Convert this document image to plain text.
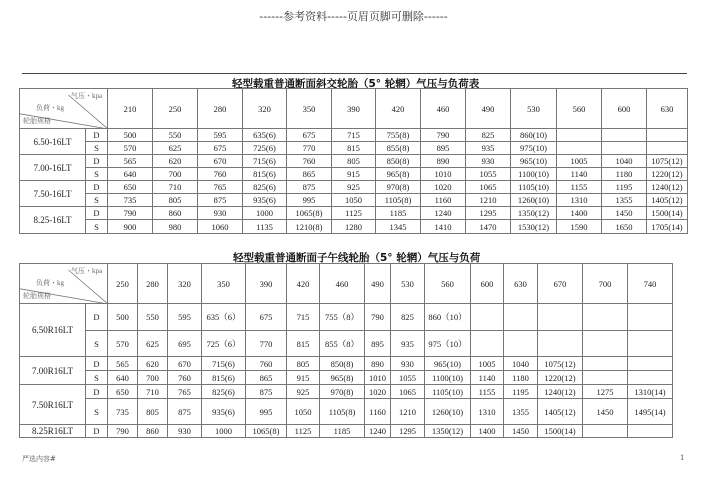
------参考资料-----页眉页脚可删除------
轻型载重普通断面斜交轮胎（5° 轮辋）气压与负荷表
气压・kpa
负荷・kg
轮胎规格		210	250	280	320	350	390	420	460	490	530	560	600	630
6.50-16LT	D	500	550	595	635(6)	675	715	755(8)	790	825	860(10)			
	S	570	625	675	725(6)	770	815	855(8)	895	935	975(10)			
7.00-16LT	D	565	620	670	715(6)	760	805	850(8)	890	930	965(10)	1005	1040	1075(12)
	S	640	700	760	815(6)	865	915	965(8)	1010	1055	1100(10)	1140	1180	1220(12)
7.50-16LT	D	650	710	765	825(6)	875	925	970(8)	1020	1065	1105(10)	1155	1195	1240(12)
	S	735	805	875	935(6)	995	1050	1105(8)	1160	1210	1260(10)	1310	1355	1405(12)
8.25-16LT	D	790	860	930	1000	1065(8)	1125	1185	1240	1295	1350(12)	1400	1450	1500(14)
	S	900	980	1060	1135	1210(8)	1280	1345	1410	1470	1530(12)	1590	1650	1705(14)
轻型载重普通断面子午线轮胎（5° 轮辋）气压与负荷
气压・kpa
负荷・kg
轮胎规格		250	280	320	350	390	420	460	490	530	560	600	630	670	700	740
6.50R16LT	D	500	550	595	635（6）	675	715	755（8）	790	825	860（10）					
	S	570	625	695	725（6）	770	815	855（8）	895	935	975（10）					
7.00R16LT	D	565	620	670	715(6)	760	805	850(8)	890	930	965(10)	1005	1040	1075(12)		
	S	640	700	760	815(6)	865	915	965(8)	1010	1055	1100(10)	1140	1180	1220(12)		
7.50R16LT	D	650	710	765	825(6)	875	925	970(8)	1020	1065	1105(10)	1155	1195	1240(12)	1275	1310(14)
	S	735	805	875	935(6)	995	1050	1105(8)	1160	1210	1260(10)	1310	1355	1405(12)	1450	1495(14)
8.25R16LT	D	790	860	930	1000	1065(8)	1125	1185	1240	1295	1350(12)	1400	1450	1500(14)		
严选内容#	1
